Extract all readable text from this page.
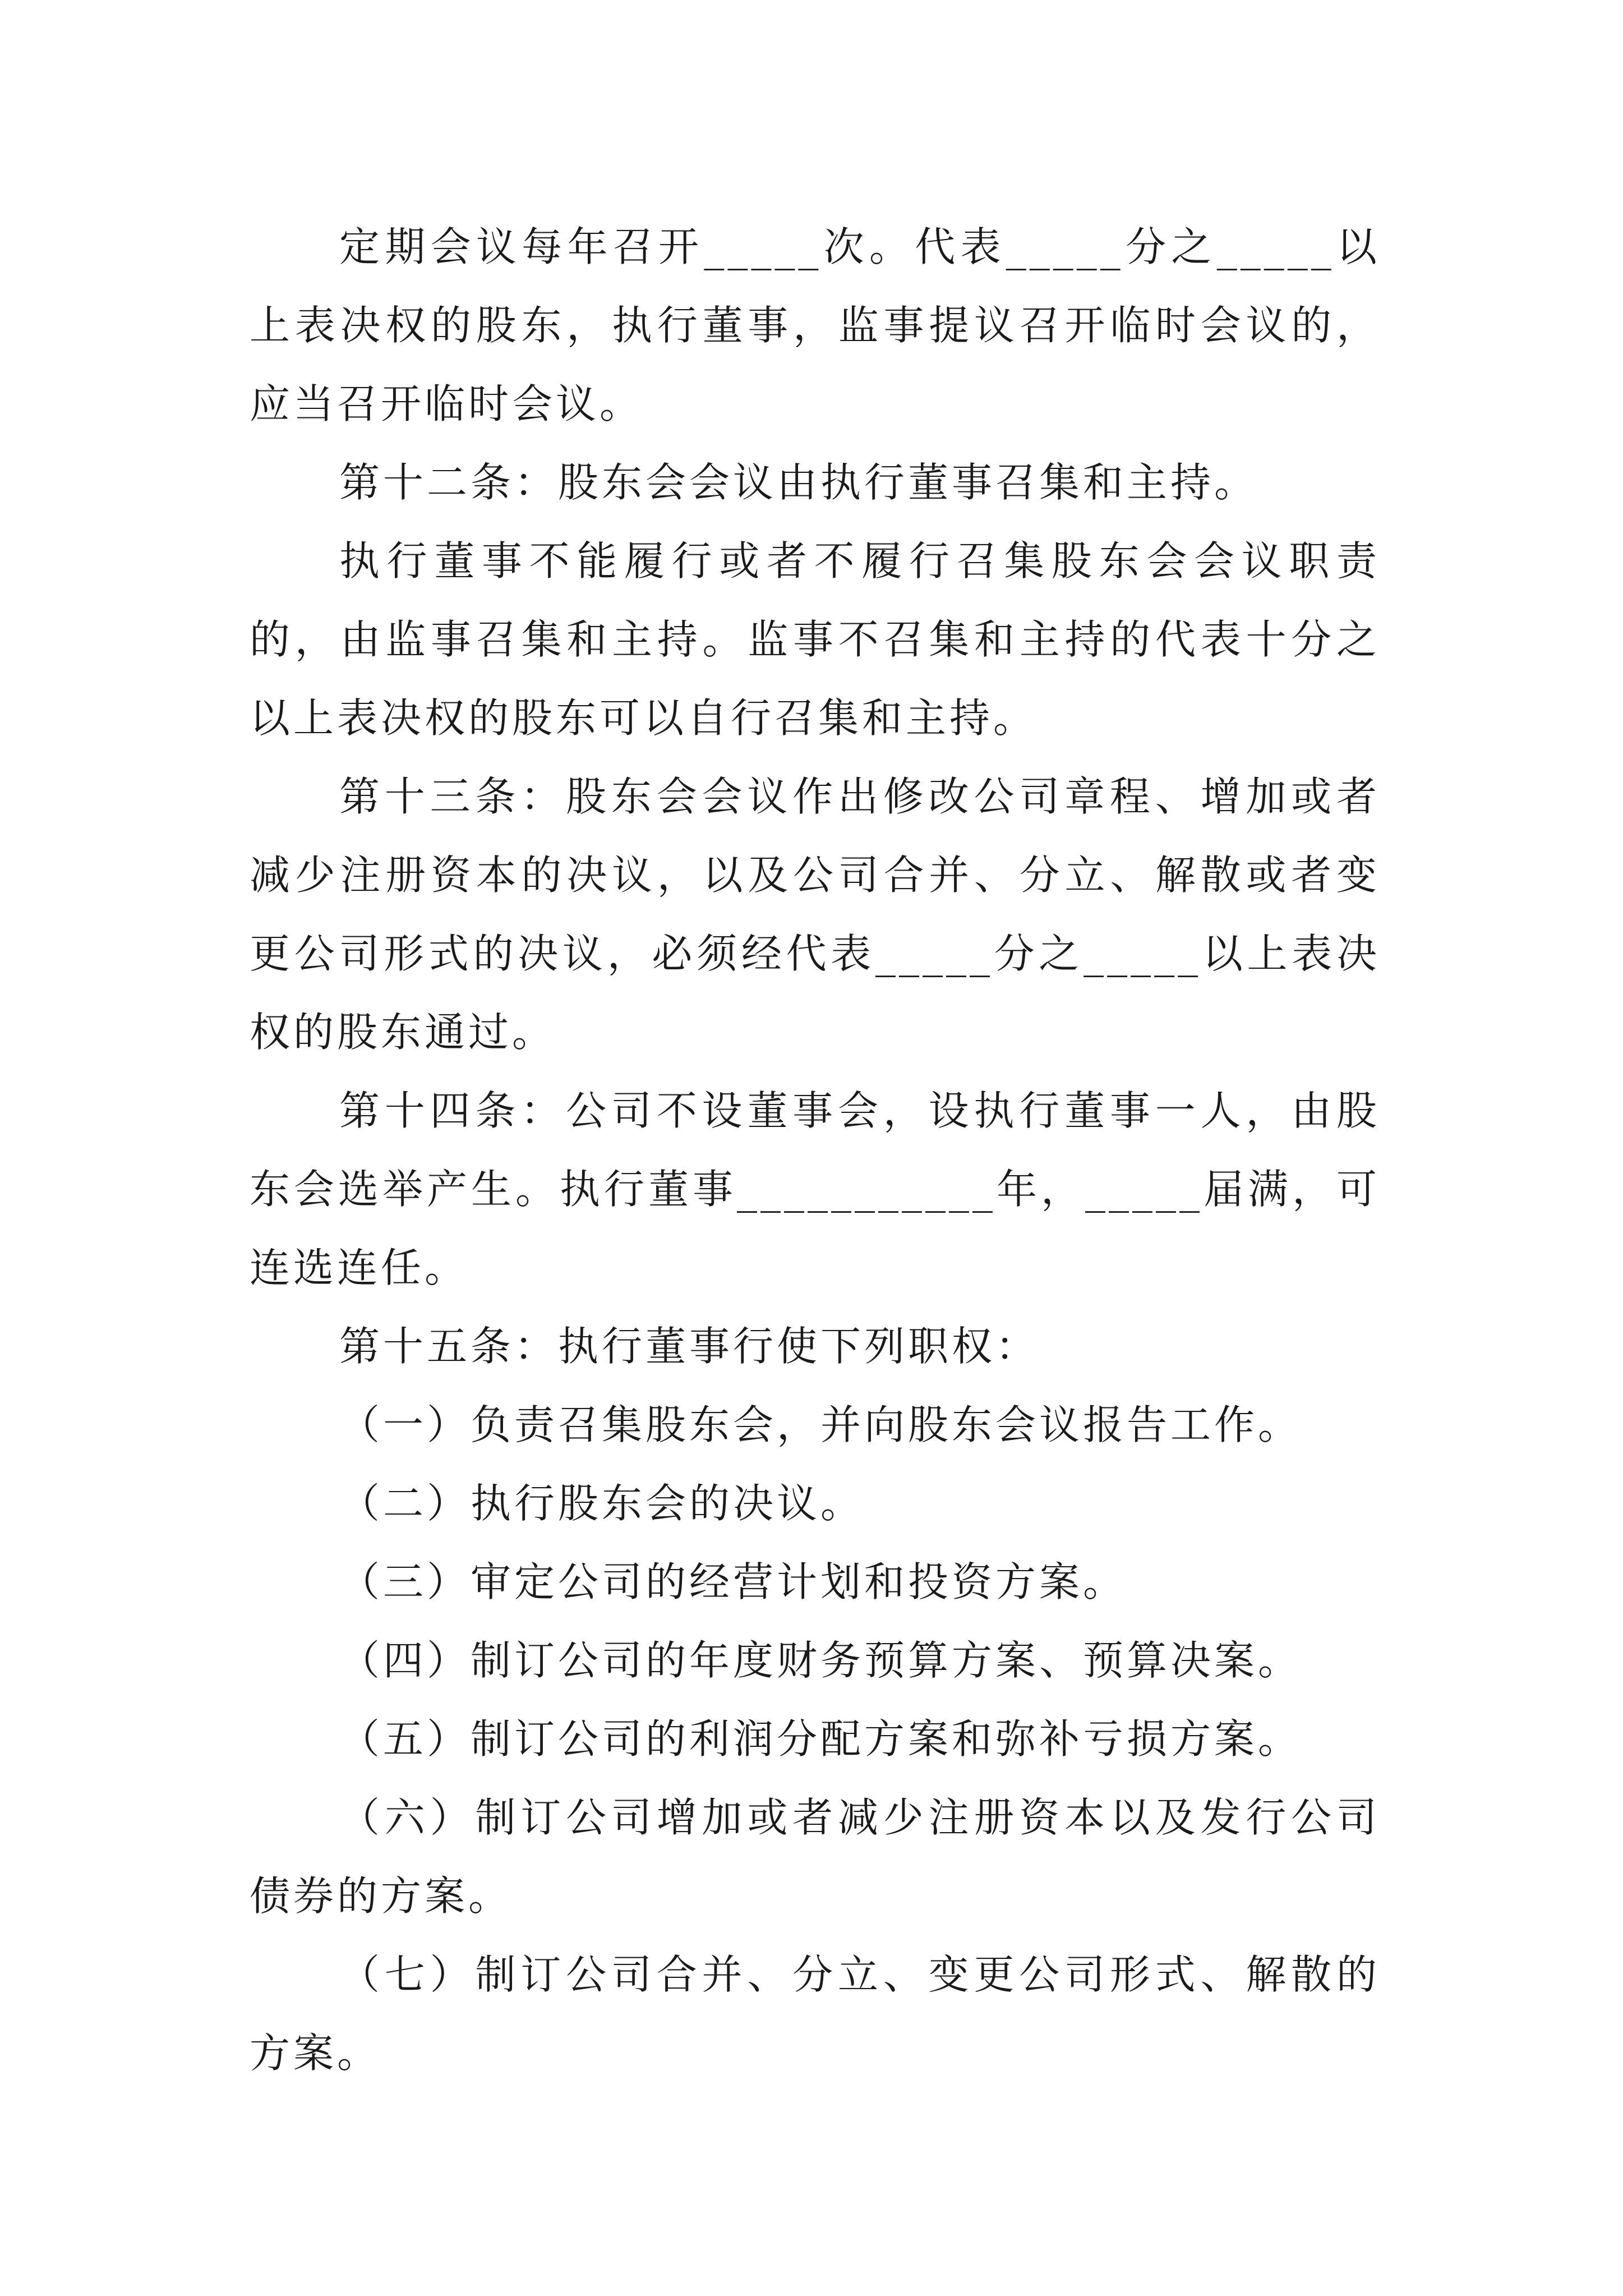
定期会议每年召开_____次。代表_____分之_____以上表决权的股东，执行董事，监事提议召开临时会议的，应当召开临时会议。

第十二条：股东会会议由执行董事召集和主持。

执行董事不能履行或者不履行召集股东会会议职责的，由监事召集和主持。监事不召集和主持的代表十分之以上表决权的股东可以自行召集和主持。

第十三条：股东会会议作出修改公司章程、增加或者减少注册资本的决议，以及公司合并、分立、解散或者变更公司形式的决议，必须经代表_____分之_____以上表决权的股东通过。

第十四条：公司不设董事会，设执行董事一人，由股东会选举产生。执行董事___________年，_____届满，可连选连任。

第十五条：执行董事行使下列职权：

（一）负责召集股东会，并向股东会议报告工作。

（二）执行股东会的决议。

（三）审定公司的经营计划和投资方案。

（四）制订公司的年度财务预算方案、预算决案。

（五）制订公司的利润分配方案和弥补亏损方案。

（六）制订公司增加或者减少注册资本以及发行公司债券的方案。

（七）制订公司合并、分立、变更公司形式、解散的方案。
